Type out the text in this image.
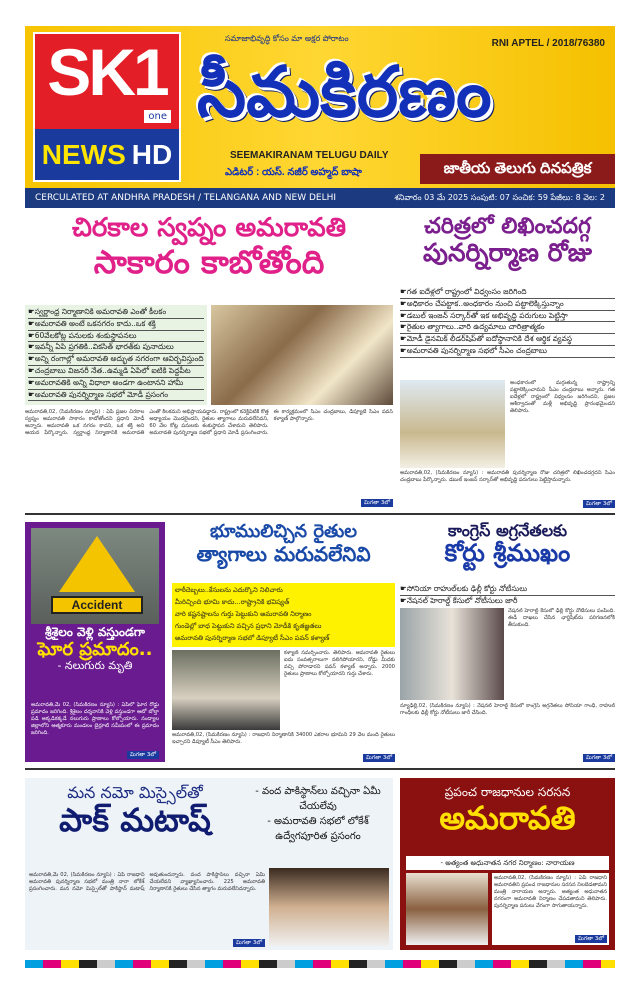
SK1
one
NEWS HD
సమాజాభివృద్ధి కోసం మా అక్షర పోరాటం
సీమకిరణం
RNI APTEL / 2018/76380
SEEMAKIRANAM TELUGU DAILY
ఎడిటర్ : యస్. నజీర్ అహ్మద్ బాషా	జాతీయ తెలుగు దినపత్రిక
CERCULATED AT ANDHRA PRADESH / TELANGANA AND NEW DELHI	శనివారం 03 మే 2025 సంపుటి: 07 సంచిక: 59 పేజీలు: 8 వెల: 2
చిరకాల స్వప్నం అమరావతి
సాకారం కాబోతోంది
☛స్వర్ణాంధ్ర నిర్మాణానికి అమరావతి ఎంతో కీలకం
☛అమరావతి అంటే ఒకనగరం కాదు..ఒక శక్తి
☛60వేలకోట్ల పనులకు శంకుస్థాపనలు
☛ఇవన్నీ ఏపి ప్రగతికి..వికసిత్ భారత్‌కు పునాదులు
☛అన్ని రంగాల్లో అమరావతి అద్భుత నగరంగా ఆవిర్భవిస్తుంది
☛చంద్రబాబు విజనరీ నేత..ఉమ్మడి ఏపిలో ఐటికి పెద్దపీట
☛అమరావతికి అన్ని విధాలా అండగా ఉంటానని హామీ
☛అమరావతి పునర్నిర్మాణ సభలో మోడీ ప్రసంగం
అమరావతి,02, (సీమకిరణం న్యూస్) : ఏపీ ప్రజల చిరకాల స్వప్నం అమరావతి సాకారం కాబోతోందని ప్రధాని మోడీ అన్నారు. అమరావతి ఒక నగరం కాదని, ఒక శక్తి అని ఆయన పేర్కొన్నారు. స్వర్ణాంధ్ర నిర్మాణానికి అమరావతి ఎంతో కీలకమని అభిప్రాయపడ్డారు. రాష్ట్రంలో కనెక్టివిటీకి కొత్త అధ్యాయం మొదలైందని, రైతుల త్యాగాలు మరువలేనివని, 60 వేల కోట్ల పనులకు శంకుస్థాపన చేశామని తెలిపారు. అమరావతి పునర్నిర్మాణ సభలో ప్రధాని మోడీ ప్రసంగించారు. ఈ కార్యక్రమంలో సీఎం చంద్రబాబు, డిప్యూటీ సీఎం పవన్ కళ్యాణ్ పాల్గొన్నారు.
మిగతా 3లో
చరిత్రలో లిఖించదగ్గ
పునర్నిర్మాణ రోజు
☛గత ఐదేళ్లలో రాష్ట్రంలో విధ్వంసం జరిగింది
☛అధికారం చేపట్టాక..అంధకారం నుంచి పట్టాలెక్కిస్తున్నాం
☛డబుల్ ఇంజన్ సర్కార్‌తో ఇక అభివృద్ధి పరుగులు పెట్టిస్తా
☛రైతుల త్యాగాలు..వారి ఉద్యమాలు చారిత్రాత్మకం
☛మోడీ డైనమిక్ లీడర్‌షిప్‌తో ఐదోస్థానానికి దేశ ఆర్థిక వ్యవస్థ
☛అమరావతి పునర్నిర్మాణ సభలో సీఎం చంద్రబాబు
అంధకారంలో మగ్గుతున్న రాష్ట్రాన్ని పట్టాలెక్కించామని సీఎం చంద్రబాబు అన్నారు. గత ఐదేళ్లలో రాష్ట్రంలో విధ్వంసం జరిగిందని, ప్రజల ఆశీర్వాదంతో మళ్లీ అభివృద్ధి ప్రారంభమైందని తెలిపారు.
అమరావతి,02, (సీమకిరణం న్యూస్) : అమరావతి పునర్నిర్మాణ రోజు చరిత్రలో లిఖించదగ్గదని సీఎం చంద్రబాబు పేర్కొన్నారు. డబుల్ ఇంజన్ సర్కార్‌తో అభివృద్ధి పరుగులు పెట్టిస్తామన్నారు.
మిగతా 3లో
Accident
శ్రీశైలం వెళ్లి వస్తుండగా
ఘోర ప్రమాదం..
- నలుగురు మృతి
అమరావతి,మే 02, (సీమకిరణం న్యూస్) : ఏపిలో ఘోర రోడ్డు ప్రమాదం జరిగింది. శ్రీశైలం దర్శనానికి వెళ్లి వస్తుండగా ఆటో బోల్తా పడి అక్కడికక్కడే నలుగురు ప్రాణాలు కోల్పోయారు. నంద్యాల జిల్లాలోని ఆత్మకూరు మండలం బైర్లూటి సమీపంలో ఈ ప్రమాదం జరిగింది.
మిగతా 3లో
భూములిచ్చిన రైతుల
త్యాగాలు మరువలేనివి
లాఠీదెబ్బలు..కేసులను ఎదుర్కొని నిలిచారు
మీరిచ్చింది భూమి కాదు...రాష్ట్రానికి భవిష్యత్
వారి కష్టనష్టాలను గుర్తు పెట్టుకుని అమరావతి నిర్మాణం
గుండెల్లో బాధ పెట్టుకుని వచ్చిన ప్రధాని మోడీకి కృతజ్ఞతలు
అమరావతి పునర్నిర్మాణ సభలో డిప్యూటీ సీఎం పవన్ కళ్యాణ్
కళ్యాణ్ సమర్పించారు. తెలిపారు. అమరావతి రైతులు ఐదు సంవత్సరాలుగా నలిగిపోయారని, రోడ్డు మీదకు వచ్చి పోరాడారని పవన్ కళ్యాణ్ అన్నారు. 2000 రైతులు ప్రాణాలు కోల్పోయారని గుర్తు చేశారు.
అమరావతి,02, (సీమకిరణం న్యూస్) : రాజధాని నిర్మాణానికి 34000 ఎకరాల భూమిని 29 వేల మంది రైతులు ఇచ్చారని డిప్యూటీ సీఎం తెలిపారు.
మిగతా 3లో
కాంగ్రెస్ అగ్రనేతలకు
కోర్టు శ్రీముఖం
☛సోనియా రాహుల్‌లకు ఢిల్లీ కోర్టు నోటీసులు
☛నేషనల్ హెరాల్డ్ కేసులో నోటీసులు జారీ
నేషనల్ హెరాల్డ్ కేసులో ఢిల్లీ కోర్టు నోటీసులు పంపింది. ఈడీ దాఖలు చేసిన ఛార్జిషీట్‌ను పరిగణనలోకి తీసుకుంది.
న్యూఢిల్లీ,02, (సీమకిరణం న్యూస్) : నేషనల్ హెరాల్డ్ కేసులో కాంగ్రెస్ అగ్రనేతలు సోనియా గాంధీ, రాహుల్ గాంధీలకు ఢిల్లీ కోర్టు నోటీసులు జారీ చేసింది.
మిగతా 3లో
మన నమో మిస్సైల్‌తో
పాక్ మటాష్
- వంద పాకిస్థాన్‌లు వచ్చినా ఏమీ చేయలేవు
- అమరావతి సభలో లోకేశ్ ఉద్వేగపూరిత ప్రసంగం
అమరావతి,మే 02, (సీమకిరణం న్యూస్) : ఏపీ రాజధాని అమరావతి పునర్నిర్మాణ సభలో మంత్రి నారా లోకేశ్ ప్రసంగించారు. మన నమో మిస్సైల్‌తో పాకిస్థాన్ మటాష్ అవుతుందన్నారు. వంద పాకిస్థాన్‌లు వచ్చినా ఏమీ చేయలేవని వ్యాఖ్యానించారు. 225 అమరావతి నిర్మాణానికి రైతులు చేసిన త్యాగం మరువలేనిదన్నారు.
మిగతా 3లో
ప్రపంచ రాజధానుల సరసన
అమరావతి
- అత్యంత అధునాతన నగర నిర్మాణం: నారాయణ
అమరావతి,02, (సీమకిరణం న్యూస్) : ఏపీ రాజధాని అమరావతిని ప్రపంచ రాజధానుల సరసన నిలబెడతామని మంత్రి నారాయణ అన్నారు. అత్యంత అధునాతన నగరంగా అమరావతి నిర్మాణం చేపడతామని తెలిపారు. పునర్నిర్మాణ పనులు వేగంగా సాగుతాయన్నారు.
మిగతా 3లో
